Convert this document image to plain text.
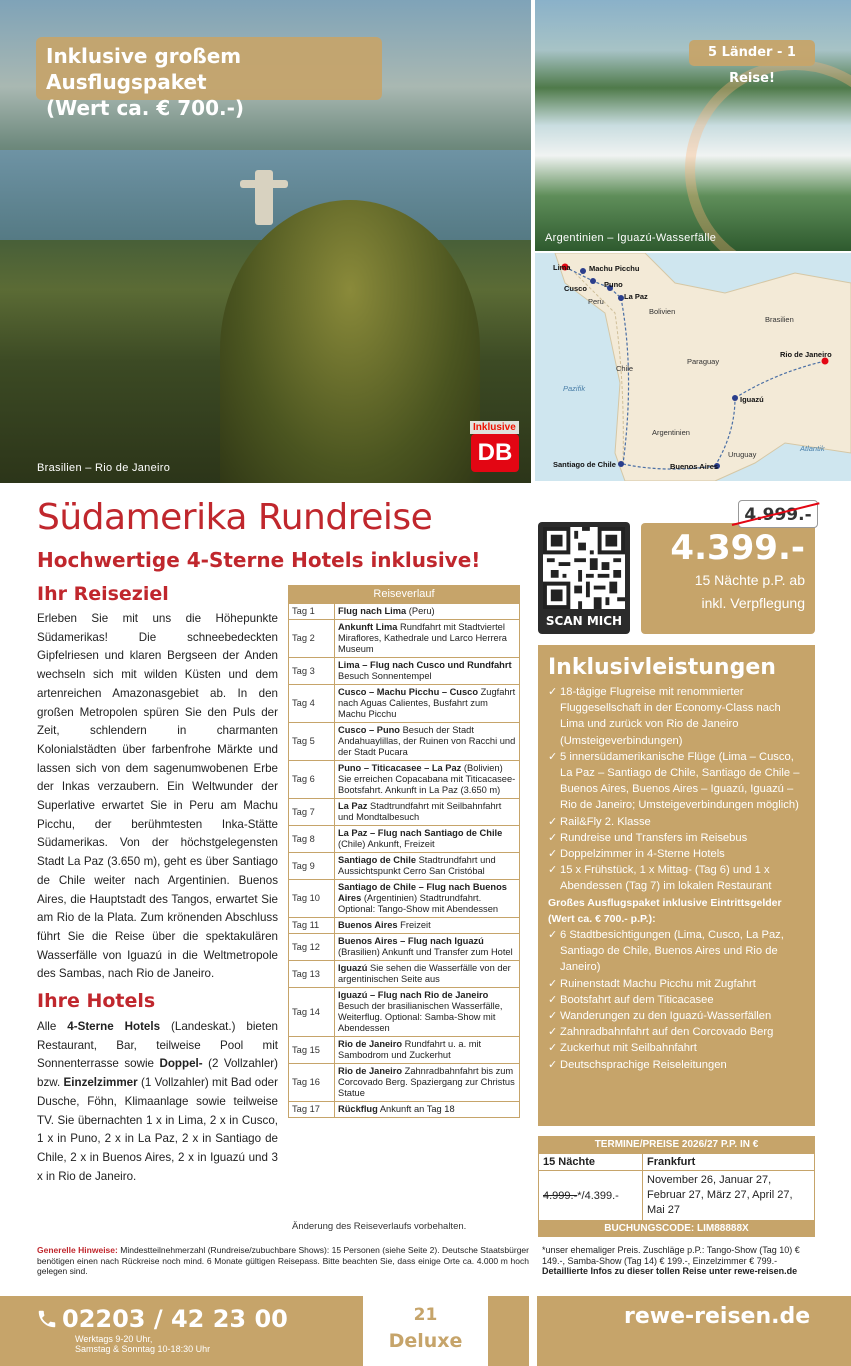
Inklusive großem Ausflugspaket
(Wert ca. € 700.-)
Brasilien – Rio de Janeiro
Inklusive
DB
5 Länder - 1 Reise!
Argentinien – Iguazú-Wasserfälle
Lima Machu Picchu
Cusco Puno
Peru
La Paz
Bolivien
Brasilien
Rio de Janeiro
Paraguay
Chile
Pazifik
Iguazú
Argentinien
Atlantik
Uruguay
Santiago de Chile	Buenos Aires
Südamerika Rundreise
Hochwertige 4-Sterne Hotels inklusive!
Ihr Reiseziel
Erleben Sie mit uns die Höhepunkte Südamerikas! Die schneebedeckten Gipfelriesen und klaren Bergseen der Anden wechseln sich mit wilden Küsten und dem artenreichen Amazonasgebiet ab. In den großen Metropolen spüren Sie den Puls der Zeit, schlendern in charmanten Kolonialstädten über farbenfrohe Märkte und lassen sich von dem sagenumwobenen Erbe der Inkas verzaubern. Ein Weltwunder der Superlative erwartet Sie in Peru am Machu Picchu, der berühmtesten Inka-Stätte Südamerikas. Von der höchstgelegensten Stadt La Paz (3.650 m), geht es über Santiago de Chile weiter nach Argentinien. Buenos Aires, die Hauptstadt des Tangos, erwartet Sie am Rio de la Plata. Zum krönenden Abschluss führt Sie die Reise über die spektakulären Wasserfälle von Iguazú in die Weltmetropole des Sambas, nach Rio de Janeiro.
Ihre Hotels
Alle 4-Sterne Hotels (Landeskat.) bieten Restaurant, Bar, teilweise Pool mit Sonnenterrasse sowie Doppel- (2 Vollzahler) bzw. Einzelzimmer (1 Vollzahler) mit Bad oder Dusche, Föhn, Klimaanlage sowie teilweise TV. Sie übernachten 1 x in Lima, 2 x in Cusco, 1 x in Puno, 2 x in La Paz, 2 x in Santiago de Chile, 2 x in Buenos Aires, 2 x in Iguazú und 3 x in Rio de Janeiro.
Reiseverlauf
Tag 1	Flug nach Lima (Peru)
Tag 2	Ankunft Lima Rundfahrt mit Stadtviertel Miraflores, Kathedrale und Larco Herrera Museum
Tag 3	Lima – Flug nach Cusco und Rundfahrt Besuch Sonnentempel
Tag 4	Cusco – Machu Picchu – Cusco Zugfahrt nach Aguas Calientes, Busfahrt zum Machu Picchu
Tag 5	Cusco – Puno Besuch der Stadt Andahuaylillas, der Ruinen von Racchi und der Stadt Pucara
Tag 6	Puno – Titicacasee – La Paz (Bolivien) Sie erreichen Copacabana mit Titicacasee-Bootsfahrt. Ankunft in La Paz (3.650 m)
Tag 7	La Paz Stadtrundfahrt mit Seilbahnfahrt und Mondtalbesuch
Tag 8	La Paz – Flug nach Santiago de Chile (Chile) Ankunft, Freizeit
Tag 9	Santiago de Chile Stadtrundfahrt und Aussichtspunkt Cerro San Cristóbal
Tag 10	Santiago de Chile – Flug nach Buenos Aires (Argentinien) Stadtrundfahrt. Optional: Tango-Show mit Abendessen
Tag 11	Buenos Aires Freizeit
Tag 12	Buenos Aires – Flug nach Iguazú (Brasilien) Ankunft und Transfer zum Hotel
Tag 13	Iguazú Sie sehen die Wasserfälle von der argentinischen Seite aus
Tag 14	Iguazú – Flug nach Rio de Janeiro Besuch der brasilianischen Wasserfälle, Weiterflug. Optional: Samba-Show mit Abendessen
Tag 15	Rio de Janeiro Rundfahrt u. a. mit Sambodrom und Zuckerhut
Tag 16	Rio de Janeiro Zahnradbahnfahrt bis zum Corcovado Berg. Spaziergang zur Christus Statue
Tag 17	Rückflug Ankunft an Tag 18
Änderung des Reiseverlaufs vorbehalten.
SCAN MICH
4.399.-
15 Nächte p.P. ab
inkl. Verpflegung
4.999.-
Inklusivleistungen
✓ 18-tägige Flugreise mit renommierter Fluggesellschaft in der Economy-Class nach Lima und zurück von Rio de Janeiro (Umsteigeverbindungen)
✓ 5 innersüdamerikanische Flüge (Lima – Cusco, La Paz – Santiago de Chile, Santiago de Chile – Buenos Aires, Buenos Aires – Iguazú, Iguazú – Rio de Janeiro; Umsteigeverbindungen möglich)
✓ Rail&Fly 2. Klasse
✓ Rundreise und Transfers im Reisebus
✓ Doppelzimmer in 4-Sterne Hotels
✓ 15 x Frühstück, 1 x Mittag- (Tag 6) und 1 x Abendessen (Tag 7) im lokalen Restaurant
Großes Ausflugspaket inklusive Eintrittsgelder (Wert ca. € 700.- p.P.):
✓ 6 Stadtbesichtigungen (Lima, Cusco, La Paz, Santiago de Chile, Buenos Aires und Rio de Janeiro)
✓ Ruinenstadt Machu Picchu mit Zugfahrt
✓ Bootsfahrt auf dem Titicacasee
✓ Wanderungen zu den Iguazú-Wasserfällen
✓ Zahnradbahnfahrt auf den Corcovado Berg
✓ Zuckerhut mit Seilbahnfahrt
✓ Deutschsprachige Reiseleitungen
TERMINE/PREISE 2026/27 P.P. IN €
15 Nächte	Frankfurt
4.999.-*/4.399.-	November 26, Januar 27, Februar 27, März 27, April 27, Mai 27
BUCHUNGSCODE: LIM88888X
*unser ehemaliger Preis. Zuschläge p.P.: Tango-Show (Tag 10) € 149.-, Samba-Show (Tag 14) € 199.-, Einzelzimmer € 799.-
Detaillierte Infos zu dieser tollen Reise unter rewe-reisen.de
Generelle Hinweise: Mindestteilnehmerzahl (Rundreise/zubuchbare Shows): 15 Personen (siehe Seite 2). Deutsche Staatsbürger benötigen einen nach Rückreise noch mind. 6 Monate gültigen Reisepass. Bitte beachten Sie, dass einige Orte ca. 4.000 m hoch gelegen sind.
02203 / 42 23 00
Werktags 9-20 Uhr,
Samstag & Sonntag 10-18:30 Uhr
21
Deluxe
rewe-reisen.de
